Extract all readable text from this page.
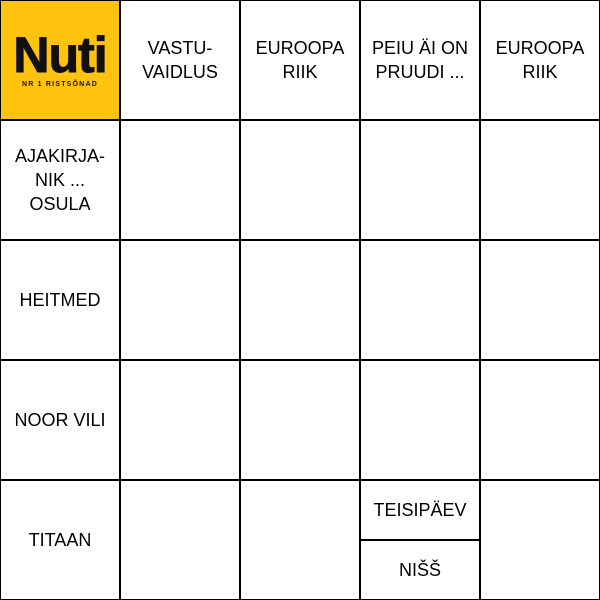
Nuti
NR 1 RISTSÕNAD
VASTU-
VAIDLUS
EUROOPA
RIIK
PEIU ÄI ON
PRUUDI ...
EUROOPA
RIIK
AJAKIRJA-
NIK ...
OSULA
HEITMED
NOOR VILI
TITAAN
TEISIPÄEV
NIŠŠ
